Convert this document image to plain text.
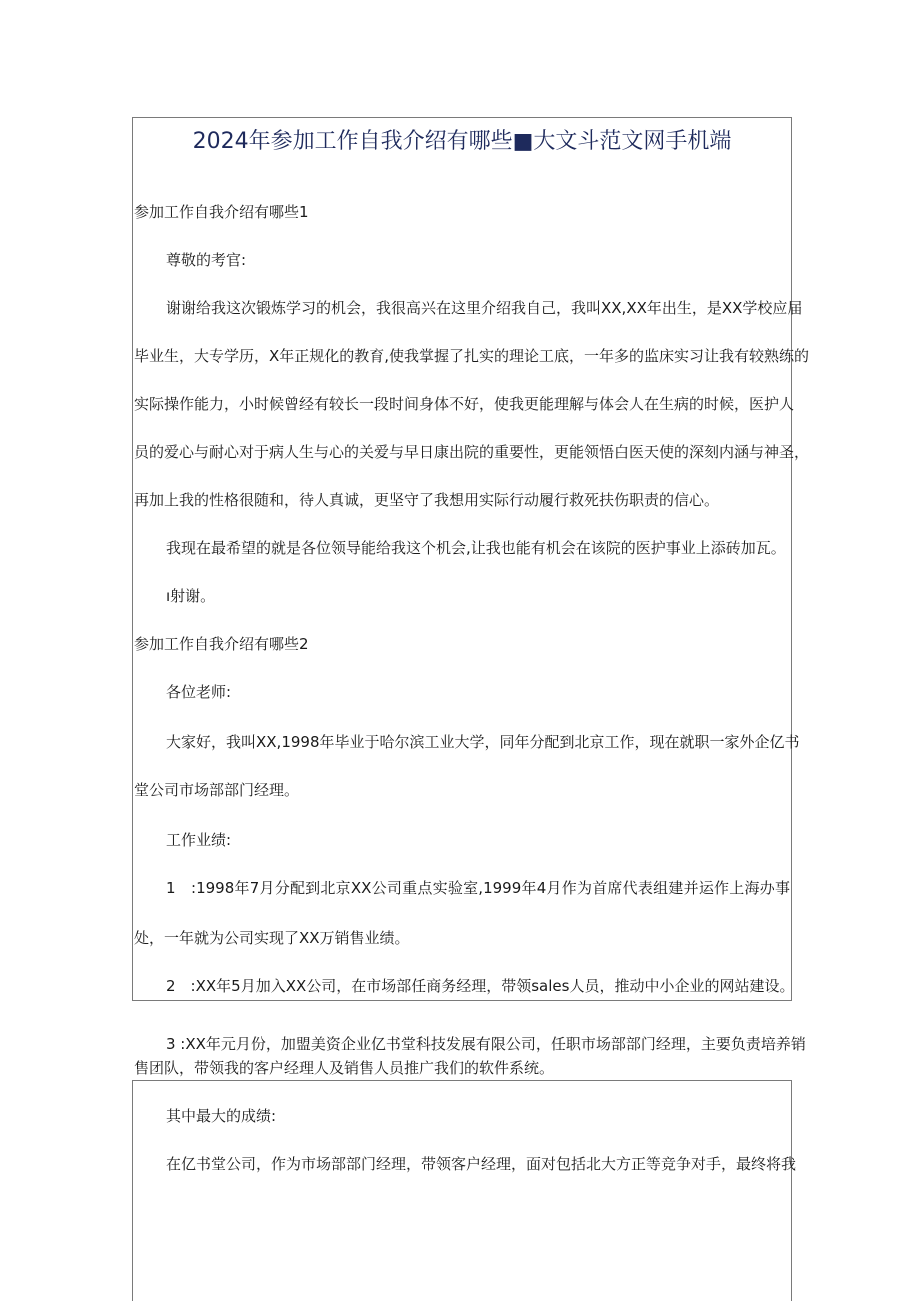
2024年参加工作自我介绍有哪些■大文斗范文网手机端
参加工作自我介绍有哪些1
尊敬的考官:
谢谢给我这次锻炼学习的机会，我很高兴在这里介绍我自己，我叫XX,XX年出生，是XX学校应届
毕业生，大专学历，X年正规化的教育,使我掌握了扎实的理论工底，一年多的监床实习让我有较熟练的
实际操作能力，小时候曾经有较长一段时间身体不好，使我更能理解与体会人在生病的时候，医护人
员的爱心与耐心对于病人生与心的关爱与早日康出院的重要性，更能领悟白医天使的深刻内涵与神圣，
再加上我的性格很随和，待人真诚，更坚守了我想用实际行动履行救死扶伤职责的信心。
我现在最希望的就是各位领导能给我这个机会,让我也能有机会在该院的医护事业上添砖加瓦。
ı射谢。
参加工作自我介绍有哪些2
各位老师:
大家好，我叫XX,1998年毕业于哈尔滨工业大学，同年分配到北京工作，现在就职一家外企亿书
堂公司市场部部门经理。
工作业绩:
1　:1998年7月分配到北京XX公司重点实验室,1999年4月作为首席代表组建并运作上海办事
处，一年就为公司实现了XX万销售业绩。
2　:XX年5月加入XX公司，在市场部任商务经理，带领sales人员，推动中小企业的网站建设。
3 :XX年元月份，加盟美资企业亿书堂科技发展有限公司，任职市场部部门经理，主要负责培养销
售团队，带领我的客户经理人及销售人员推广我们的软件系统。
其中最大的成绩:
在亿书堂公司，作为市场部部门经理，带领客户经理，面对包括北大方正等竞争对手，最终将我
